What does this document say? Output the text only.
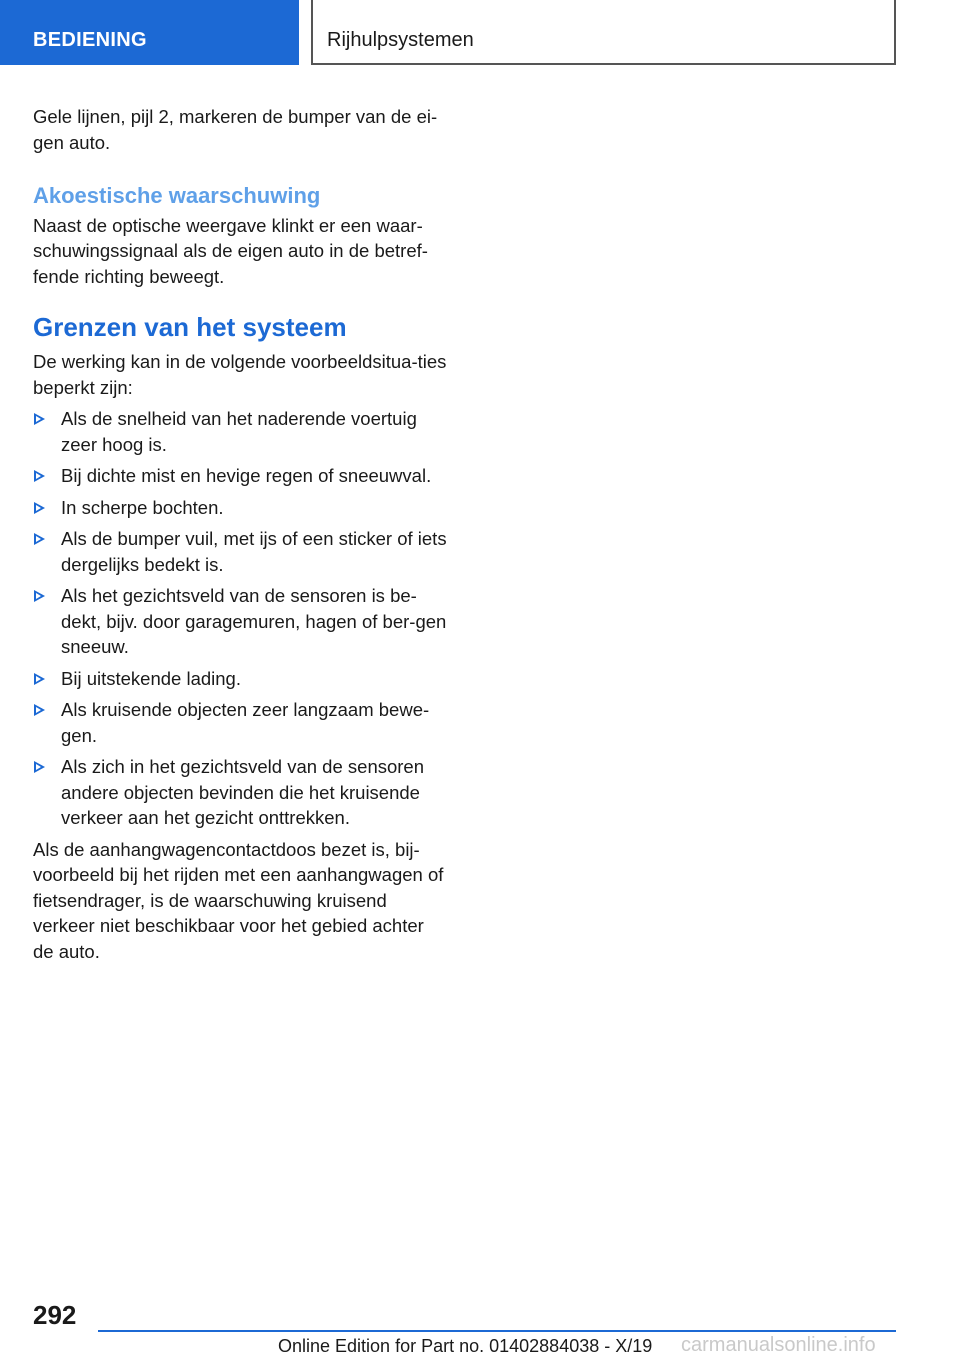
BEDIENING	Rijhulpsystemen

Gele lijnen, pijl 2, markeren de bumper van de ei-gen auto.

Akoestische waarschuwing

Naast de optische weergave klinkt er een waar-schuwingssignaal als de eigen auto in de betref-fende richting beweegt.

Grenzen van het systeem

De werking kan in de volgende voorbeeldsitua-ties beperkt zijn:

Als de snelheid van het naderende voertuig zeer hoog is.
Bij dichte mist en hevige regen of sneeuwval.
In scherpe bochten.
Als de bumper vuil, met ijs of een sticker of iets dergelijks bedekt is.
Als het gezichtsveld van de sensoren is be-dekt, bijv. door garagemuren, hagen of ber-gen sneeuw.
Bij uitstekende lading.
Als kruisende objecten zeer langzaam bewe-gen.
Als zich in het gezichtsveld van de sensoren andere objecten bevinden die het kruisende verkeer aan het gezicht onttrekken.

Als de aanhangwagencontactdoos bezet is, bij-voorbeeld bij het rijden met een aanhangwagen of fietsendrager, is de waarschuwing kruisend verkeer niet beschikbaar voor het gebied achter de auto.

292
Online Edition for Part no. 01402884038 - X/19 carmanualsonline.info
